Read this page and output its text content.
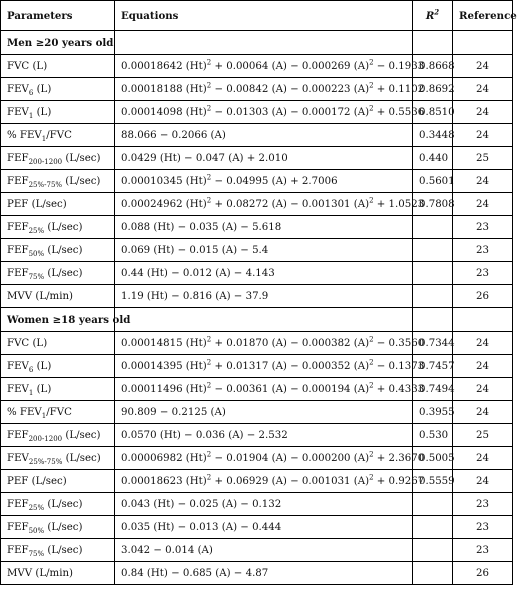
Parameters	Equations	$R^2$	Reference
Men ≥20 years old			
FVC (L)	0.00018642 $(Ht)^2 + 0.00064$ (A) − 0.000269 $(A)^2 - 0.1933$	0.8668	24
$FEV_6$ (L)	0.00018188 $(Ht)^2 - 0.00842$ (A) − 0.000223 $(A)^2 + 0.1102$	0.8692	24
$FEV_1$ (L)	0.00014098 $(Ht)^2 - 0.01303$ (A) − 0.000172 $(A)^2 + 0.5536$	0.8510	24
% $FEV_1$/FVC	88.066 − 0.2066 (A)	0.3448	24
$FEF_{200-1200}$ (L/sec)	0.0429 (Ht) − 0.047 (A) + 2.010	0.440	25
$FEF_{25\%-75\%}$ (L/sec)	0.00010345 $(Ht)^2 - 0.04995$ (A) + 2.7006	0.5601	24
PEF (L/sec)	0.00024962 $(Ht)^2 + 0.08272$ (A) − 0.001301 $(A)^2 + 1.0523$	0.7808	24
$FEF_{25\%}$ (L/sec)	0.088 (Ht) − 0.035 (A) − 5.618		23
$FEF_{50\%}$ (L/sec)	0.069 (Ht) − 0.015 (A) − 5.4		23
$FEF_{75\%}$ (L/sec)	0.44 (Ht) − 0.012 (A) − 4.143		23
MVV (L/min)	1.19 (Ht) − 0.816 (A) − 37.9		26
Women ≥18 years old			
FVC (L)	0.00014815 $(Ht)^2 + 0.01870$ (A) − 0.000382 $(A)^2 - 0.3560$	0.7344	24
$FEV_6$ (L)	0.00014395 $(Ht)^2 + 0.01317$ (A) − 0.000352 $(A)^2 - 0.1373$	0.7457	24
$FEV_1$ (L)	0.00011496 $(Ht)^2 - 0.00361$ (A) − 0.000194 $(A)^2 + 0.4333$	0.7494	24
% $FEV_1$/FVC	90.809 − 0.2125 (A)	0.3955	24
$FEF_{200-1200}$ (L/sec)	0.0570 (Ht) − 0.036 (A) − 2.532	0.530	25
$FEV_{25\%-75\%}$ (L/sec)	0.00006982 $(Ht)^2 - 0.01904$ (A) − 0.000200 $(A)^2 + 2.3670$	0.5005	24
PEF (L/sec)	0.00018623 $(Ht)^2 + 0.06929$ (A) − 0.001031 $(A)^2 + 0.9267$	0.5559	24
$FEF_{25\%}$ (L/sec)	0.043 (Ht) − 0.025 (A) − 0.132		23
$FEF_{50\%}$ (L/sec)	0.035 (Ht) − 0.013 (A) − 0.444		23
$FEF_{75\%}$ (L/sec)	3.042 − 0.014 (A)		23
MVV (L/min)	0.84 (Ht) − 0.685 (A) − 4.87		26
